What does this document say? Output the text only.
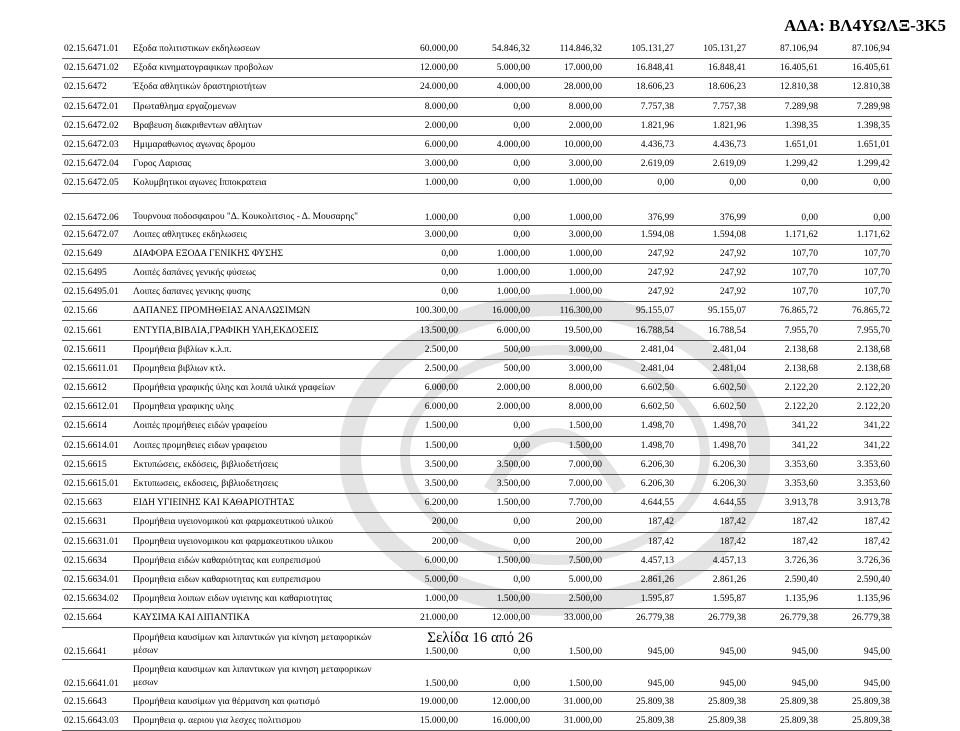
ΑΔΑ: ΒΛ4ΥΩΛΞ-3Κ5
02.15.6471.01	Εξοδα πολιτιστικων εκδηλωσεων	60.000,00	54.846,32	114.846,32	105.131,27	105.131,27	87.106,94	87.106,94
02.15.6471.02	Εξοδα κινηματογραφικων προβολων	12.000,00	5.000,00	17.000,00	16.848,41	16.848,41	16.405,61	16.405,61
02.15.6472	Έξοδα αθλητικών δραστηριοτήτων	24.000,00	4.000,00	28.000,00	18.606,23	18.606,23	12.810,38	12.810,38
02.15.6472.01	Πρωταθλημα εργαζομενων	8.000,00	0,00	8.000,00	7.757,38	7.757,38	7.289,98	7.289,98
02.15.6472.02	Βραβευση διακριθεντων αθλητων	2.000,00	0,00	2.000,00	1.821,96	1.821,96	1.398,35	1.398,35
02.15.6472.03	Ημιμαραθωνιος αγωνας δρομου	6.000,00	4.000,00	10.000,00	4.436,73	4.436,73	1.651,01	1.651,01
02.15.6472.04	Γυρος Λαρισας	3.000,00	0,00	3.000,00	2.619,09	2.619,09	1.299,42	1.299,42
02.15.6472.05	Κολυμβητικοι αγωνες Ιπποκρατεια	1.000,00	0,00	1.000,00	0,00	0,00	0,00	0,00
02.15.6472.06	Τουρνουα ποδοσφαιρου "Δ. Κουκολιτσιος - Δ. Μουσαρης"	1.000,00	0,00	1.000,00	376,99	376,99	0,00	0,00
02.15.6472.07	Λοιπες αθλητικες εκδηλωσεις	3.000,00	0,00	3.000,00	1.594,08	1.594,08	1.171,62	1.171,62
02.15.649	ΔΙΑΦΟΡΑ ΕΞΟΔΑ ΓΕΝΙΚΗΣ ΦΥΣΗΣ	0,00	1.000,00	1.000,00	247,92	247,92	107,70	107,70
02.15.6495	Λοιπές δαπάνες γενικής φύσεως	0,00	1.000,00	1.000,00	247,92	247,92	107,70	107,70
02.15.6495.01	Λοιπες δαπανες γενικης φυσης	0,00	1.000,00	1.000,00	247,92	247,92	107,70	107,70
02.15.66	ΔΑΠΑΝΕΣ ΠΡΟΜΗΘΕΙΑΣ ΑΝΑΛΩΣΙΜΩΝ	100.300,00	16.000,00	116.300,00	95.155,07	95.155,07	76.865,72	76.865,72
02.15.661	ΕΝΤΥΠΑ,ΒΙΒΛΙΑ,ΓΡΑΦΙΚΗ ΥΛΗ,ΕΚΔΟΣΕΙΣ	13.500,00	6.000,00	19.500,00	16.788,54	16.788,54	7.955,70	7.955,70
02.15.6611	Προμήθεια βιβλίων κ.λ.π.	2.500,00	500,00	3.000,00	2.481,04	2.481,04	2.138,68	2.138,68
02.15.6611.01	Προμηθεια βιβλιων κτλ.	2.500,00	500,00	3.000,00	2.481,04	2.481,04	2.138,68	2.138,68
02.15.6612	Προμήθεια γραφικής ύλης και λοιπά υλικά γραφείων	6.000,00	2.000,00	8.000,00	6.602,50	6.602,50	2.122,20	2.122,20
02.15.6612.01	Προμηθεια γραφικης υλης	6.000,00	2.000,00	8.000,00	6.602,50	6.602,50	2.122,20	2.122,20
02.15.6614	Λοιπές προμήθειες ειδών γραφείου	1.500,00	0,00	1.500,00	1.498,70	1.498,70	341,22	341,22
02.15.6614.01	Λοιπες προμηθειες ειδων γραφειου	1.500,00	0,00	1.500,00	1.498,70	1.498,70	341,22	341,22
02.15.6615	Εκτυπώσεις, εκδόσεις, βιβλιοδετήσεις	3.500,00	3.500,00	7.000,00	6.206,30	6.206,30	3.353,60	3.353,60
02.15.6615.01	Εκτυπωσεις, εκδοσεις, βιβλιοδετησεις	3.500,00	3.500,00	7.000,00	6.206,30	6.206,30	3.353,60	3.353,60
02.15.663	ΕΙΔΗ ΥΓΙΕΙΝΗΣ ΚΑΙ ΚΑΘΑΡΙΟΤΗΤΑΣ	6.200,00	1.500,00	7.700,00	4.644,55	4.644,55	3.913,78	3.913,78
02.15.6631	Προμήθεια υγειονομικού και φαρμακευτικού υλικού	200,00	0,00	200,00	187,42	187,42	187,42	187,42
02.15.6631.01	Προμηθεια υγειονομικου και φαρμακευτικου υλικου	200,00	0,00	200,00	187,42	187,42	187,42	187,42
02.15.6634	Προμήθεια ειδών καθαριότητας και ευπρεπισμού	6.000,00	1.500,00	7.500,00	4.457,13	4.457,13	3.726,36	3.726,36
02.15.6634.01	Προμηθεια ειδων καθαριοτητας και ευπρεπισμου	5.000,00	0,00	5.000,00	2.861,26	2.861,26	2.590,40	2.590,40
02.15.6634.02	Προμηθεια λοιπων ειδων υγιεινης και καθαριοτητας	1.000,00	1.500,00	2.500,00	1.595,87	1.595,87	1.135,96	1.135,96
02.15.664	ΚΑΥΣΙΜΑ ΚΑΙ ΛΙΠΑΝΤΙΚΑ	21.000,00	12.000,00	33.000,00	26.779,38	26.779,38	26.779,38	26.779,38
02.15.6641	Προμήθεια καυσίμων και λιπαντικών για κίνηση μεταφορικών μέσων	1.500,00	0,00	1.500,00	945,00	945,00	945,00	945,00
02.15.6641.01	Προμηθεια καυσιμων και λιπαντικων για κινηση μεταφορικων μεσων	1.500,00	0,00	1.500,00	945,00	945,00	945,00	945,00
02.15.6643	Προμήθεια καυσίμων για θέρμανση και φωτισμό	19.000,00	12.000,00	31.000,00	25.809,38	25.809,38	25.809,38	25.809,38
02.15.6643.03	Προμηθεια φ. αεριου για λεσχες πολιτισμου	15.000,00	16.000,00	31.000,00	25.809,38	25.809,38	25.809,38	25.809,38
Σελίδα 16 από 26
